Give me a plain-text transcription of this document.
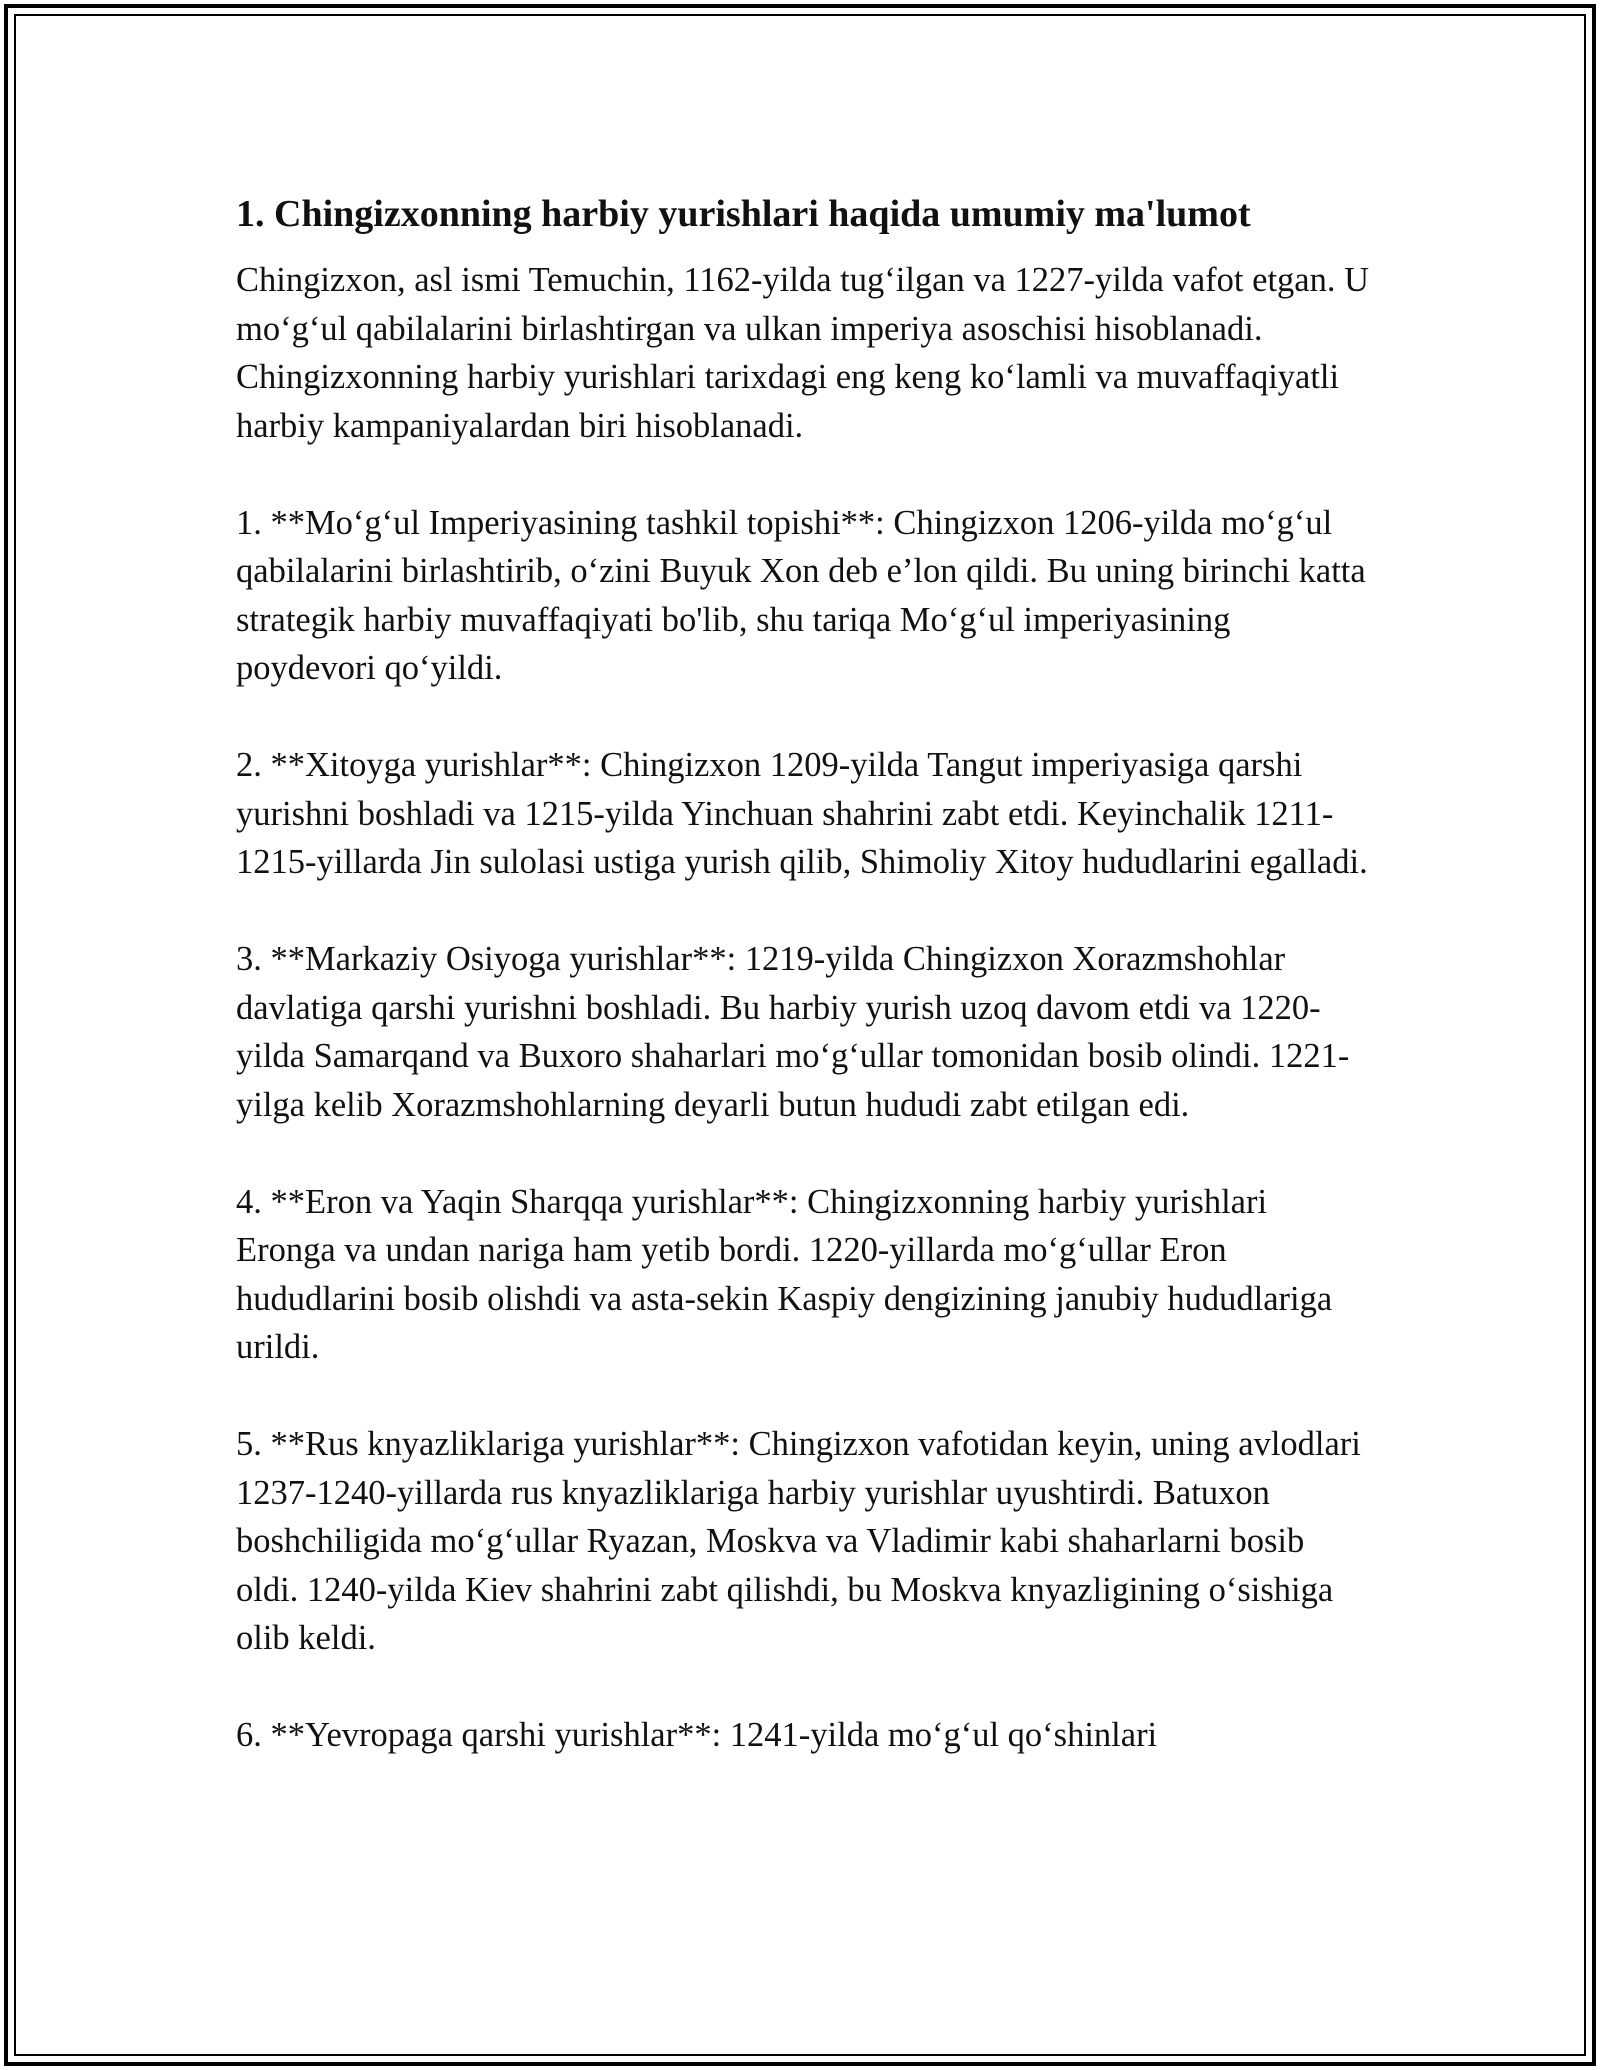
1. Chingizxonning harbiy yurishlari haqida umumiy ma'lumot

Chingizxon, asl ismi Temuchin, 1162-yilda tug‘ilgan va 1227-yilda vafot etgan. U mo‘g‘ul qabilalarini birlashtirgan va ulkan imperiya asoschisi hisoblanadi. Chingizxonning harbiy yurishlari tarixdagi eng keng ko‘lamli va muvaffaqiyatli harbiy kampaniyalardan biri hisoblanadi.

1. **Mo‘g‘ul Imperiyasining tashkil topishi**: Chingizxon 1206-yilda mo‘g‘ul qabilalarini birlashtirib, o‘zini Buyuk Xon deb e’lon qildi. Bu uning birinchi katta strategik harbiy muvaffaqiyati bo'lib, shu tariqa Mo‘g‘ul imperiyasining poydevori qo‘yildi.

2. **Xitoyga yurishlar**: Chingizxon 1209-yilda Tangut imperiyasiga qarshi yurishni boshladi va 1215-yilda Yinchuan shahrini zabt etdi. Keyinchalik 1211-1215-yillarda Jin sulolasi ustiga yurish qilib, Shimoliy Xitoy hududlarini egalladi.

3. **Markaziy Osiyoga yurishlar**: 1219-yilda Chingizxon Xorazmshohlar davlatiga qarshi yurishni boshladi. Bu harbiy yurish uzoq davom etdi va 1220-yilda Samarqand va Buxoro shaharlari mo‘g‘ullar tomonidan bosib olindi. 1221-yilga kelib Xorazmshohlarning deyarli butun hududi zabt etilgan edi.

4. **Eron va Yaqin Sharqqa yurishlar**: Chingizxonning harbiy yurishlari Eronga va undan nariga ham yetib bordi. 1220-yillarda mo‘g‘ullar Eron hududlarini bosib olishdi va asta-sekin Kaspiy dengizining janubiy hududlariga urildi.

5. **Rus knyazliklariga yurishlar**: Chingizxon vafotidan keyin, uning avlodlari 1237-1240-yillarda rus knyazliklariga harbiy yurishlar uyushtirdi. Batuxon boshchiligida mo‘g‘ullar Ryazan, Moskva va Vladimir kabi shaharlarni bosib oldi. 1240-yilda Kiev shahrini zabt qilishdi, bu Moskva knyazligining o‘sishiga olib keldi.

6. **Yevropaga qarshi yurishlar**: 1241-yilda mo‘g‘ul qo‘shinlari
